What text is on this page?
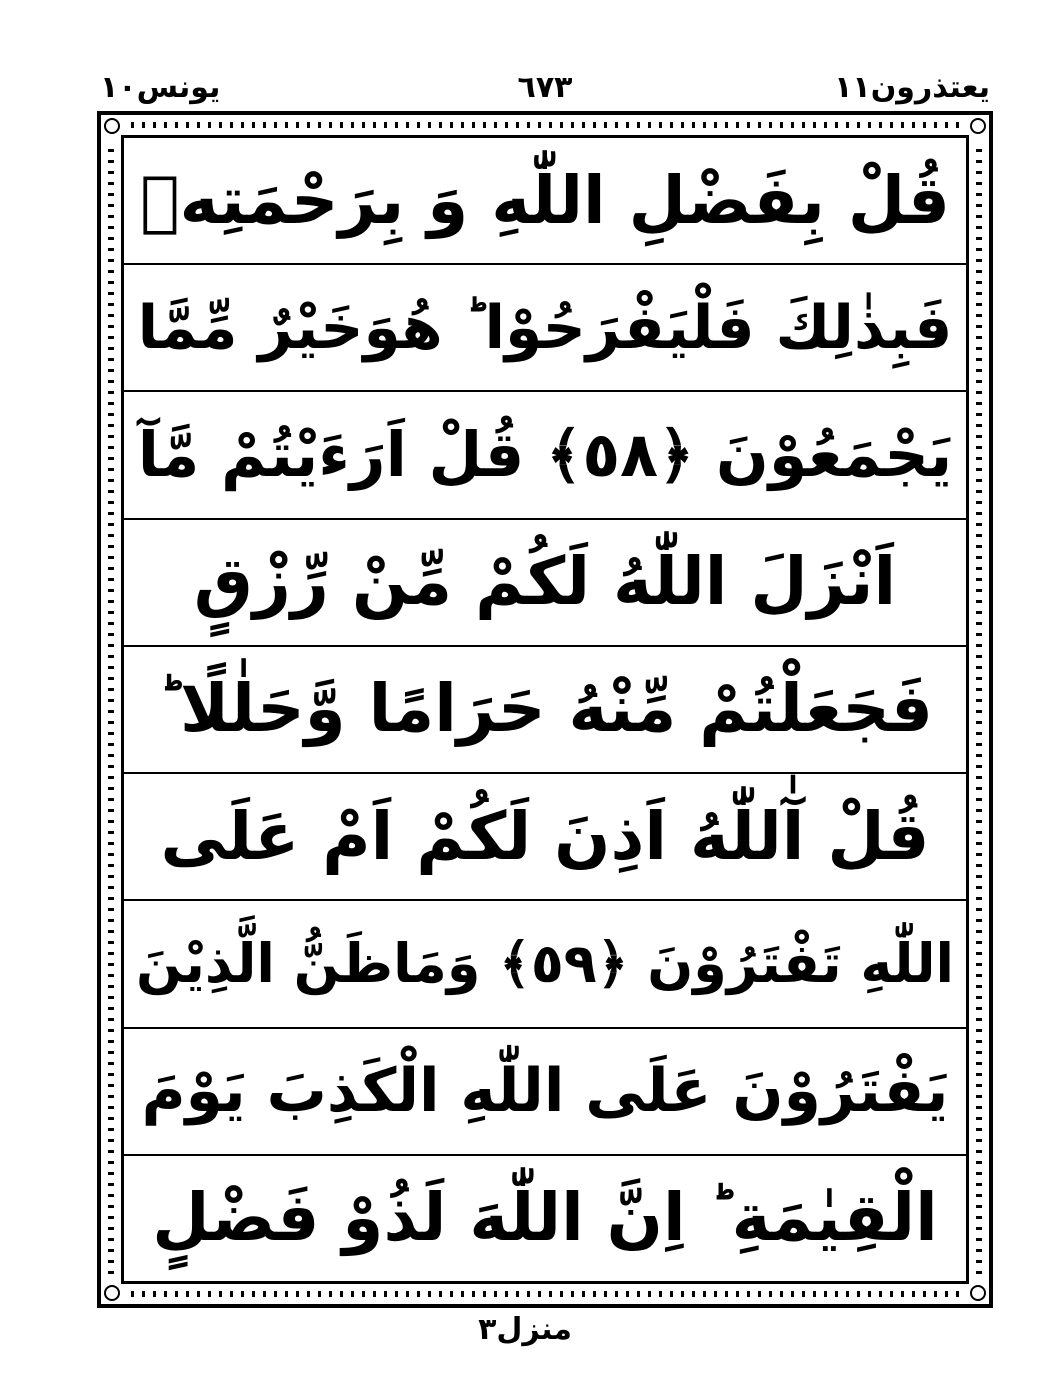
يعتذرون١١
٦٧٣
يونس١٠
قُلْ بِفَضْلِ اللّٰهِ وَ بِرَحْمَتِهٖ
فَبِذٰلِكَ فَلْيَفْرَحُوْا ؕ هُوَخَيْرٌ مِّمَّا
يَجْمَعُوْنَ ﴿٥٨﴾ قُلْ اَرَءَيْتُمْ مَّآ
اَنْزَلَ اللّٰهُ لَكُمْ مِّنْ رِّزْقٍ
فَجَعَلْتُمْ مِّنْهُ حَرَامًا وَّحَلٰلًا ؕ
قُلْ آٰللّٰهُ اَذِنَ لَكُمْ اَمْ عَلَى
اللّٰهِ تَفْتَرُوْنَ ﴿٥٩﴾ وَمَاظَنُّ الَّذِيْنَ
يَفْتَرُوْنَ عَلَى اللّٰهِ الْكَذِبَ يَوْمَ
الْقِيٰمَةِ ؕ اِنَّ اللّٰهَ لَذُوْ فَضْلٍ
منزل٣
